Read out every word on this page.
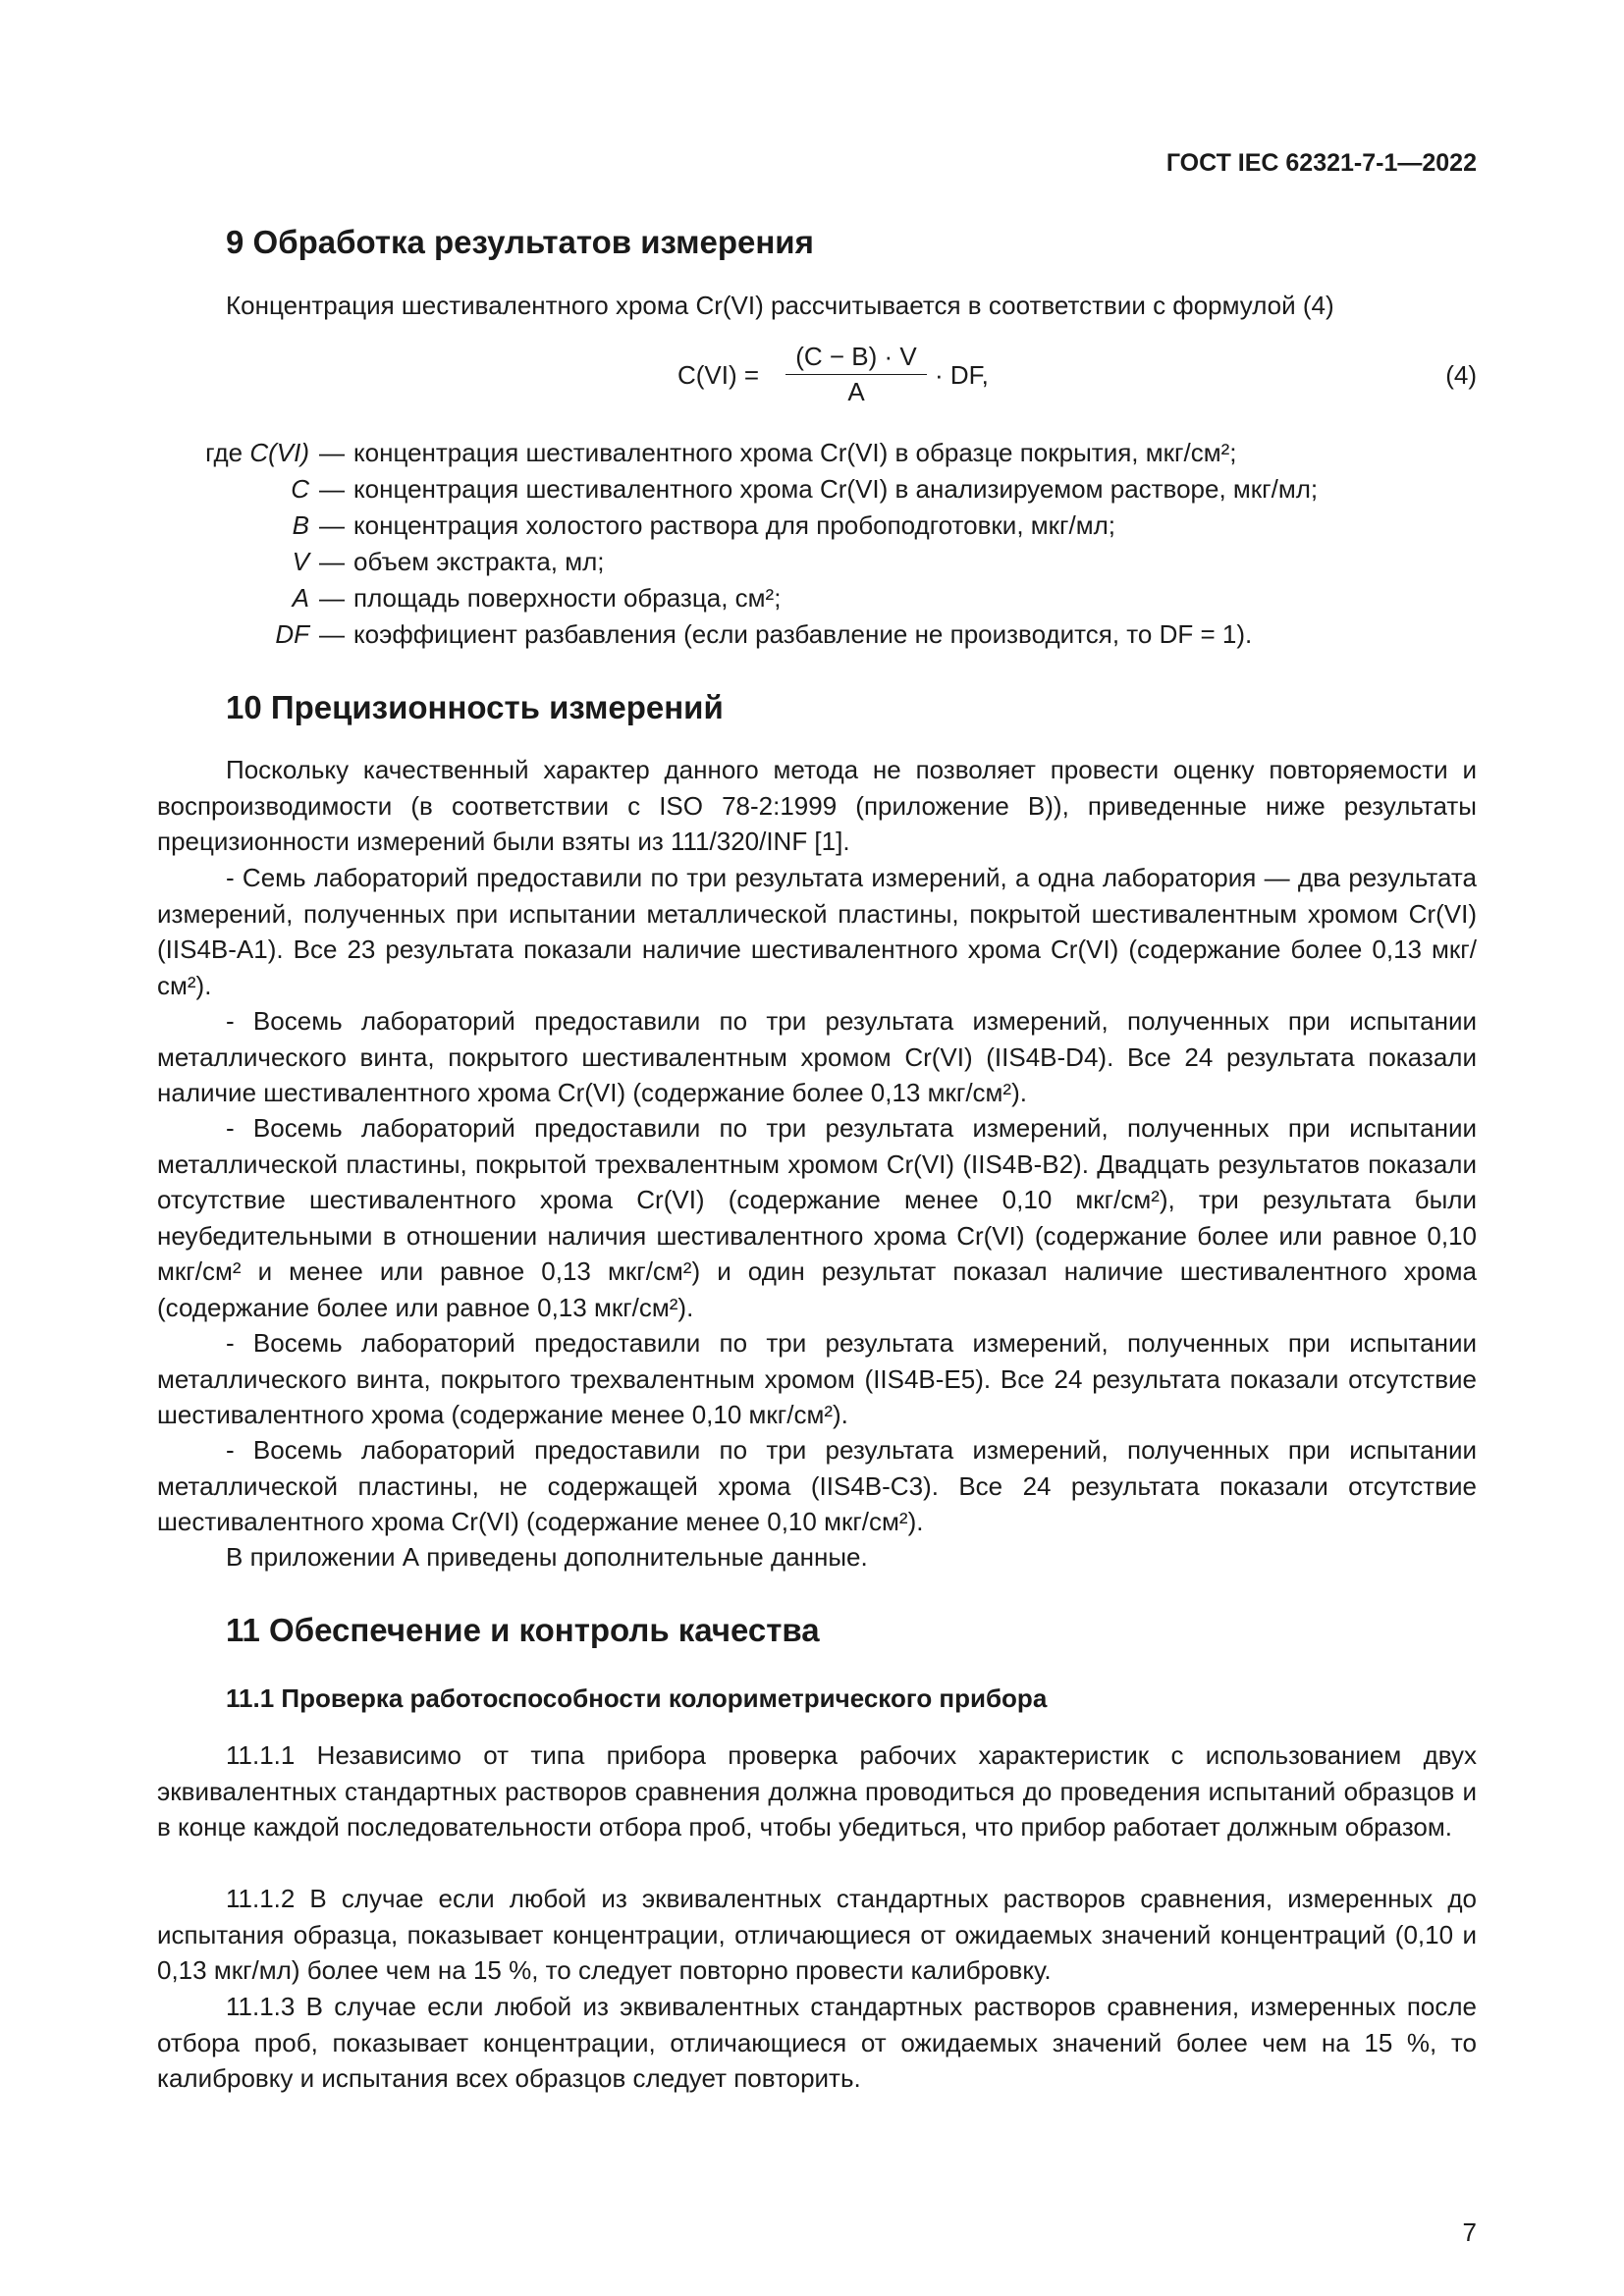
ГОСТ IEC 62321-7-1—2022
9 Обработка результатов измерения
Концентрация шестивалентного хрома Cr(VI) рассчитывается в соответствии с формулой (4)
C(VI) =
(C − B) · V
A
· DF,	(4)
где C(VI) — концентрация шестивалентного хрома Cr(VI) в образце покрытия, мкг/см²;
C — концентрация шестивалентного хрома Cr(VI) в анализируемом растворе, мкг/мл;
B — концентрация холостого раствора для пробоподготовки, мкг/мл;
V — объем экстракта, мл;
A — площадь поверхности образца, см²;
DF — коэффициент разбавления (если разбавление не производится, то DF = 1).
10 Прецизионность измерений
Поскольку качественный характер данного метода не позволяет провести оценку повторяемости и воспроизводимости (в соответствии с ISO 78-2:1999 (приложение В)), приведенные ниже результаты прецизионности измерений были взяты из 111/320/INF [1].
- Семь лабораторий предоставили по три результата измерений, а одна лаборатория — два результата измерений, полученных при испытании металлической пластины, покрытой шестивалентным хромом Cr(VI) (IIS4B-A1). Все 23 результата показали наличие шестивалентного хрома Cr(VI) (содержание более 0,13 мкг/см²).
- Восемь лабораторий предоставили по три результата измерений, полученных при испытании металлического винта, покрытого шестивалентным хромом Cr(VI) (IIS4B-D4). Все 24 результата показали наличие шестивалентного хрома Cr(VI) (содержание более 0,13 мкг/см²).
- Восемь лабораторий предоставили по три результата измерений, полученных при испытании металлической пластины, покрытой трехвалентным хромом Cr(VI) (IIS4B-B2). Двадцать результатов показали отсутствие шестивалентного хрома Cr(VI) (содержание менее 0,10 мкг/см²), три результата были неубедительными в отношении наличия шестивалентного хрома Cr(VI) (содержание более или равное 0,10 мкг/см² и менее или равное 0,13 мкг/см²) и один результат показал наличие шестивалентного хрома (содержание более или равное 0,13 мкг/см²).
- Восемь лабораторий предоставили по три результата измерений, полученных при испытании металлического винта, покрытого трехвалентным хромом (IIS4B-E5). Все 24 результата показали отсутствие шестивалентного хрома (содержание менее 0,10 мкг/см²).
- Восемь лабораторий предоставили по три результата измерений, полученных при испытании металлической пластины, не содержащей хрома (IIS4B-C3). Все 24 результата показали отсутствие шестивалентного хрома Cr(VI) (содержание менее 0,10 мкг/см²).
В приложении А приведены дополнительные данные.
11 Обеспечение и контроль качества
11.1 Проверка работоспособности колориметрического прибора
11.1.1 Независимо от типа прибора проверка рабочих характеристик с использованием двух эквивалентных стандартных растворов сравнения должна проводиться до проведения испытаний образцов и в конце каждой последовательности отбора проб, чтобы убедиться, что прибор работает должным образом.
11.1.2 В случае если любой из эквивалентных стандартных растворов сравнения, измеренных до испытания образца, показывает концентрации, отличающиеся от ожидаемых значений концентраций (0,10 и 0,13 мкг/мл) более чем на 15 %, то следует повторно провести калибровку.
11.1.3 В случае если любой из эквивалентных стандартных растворов сравнения, измеренных после отбора проб, показывает концентрации, отличающиеся от ожидаемых значений более чем на 15 %, то калибровку и испытания всех образцов следует повторить.
7
